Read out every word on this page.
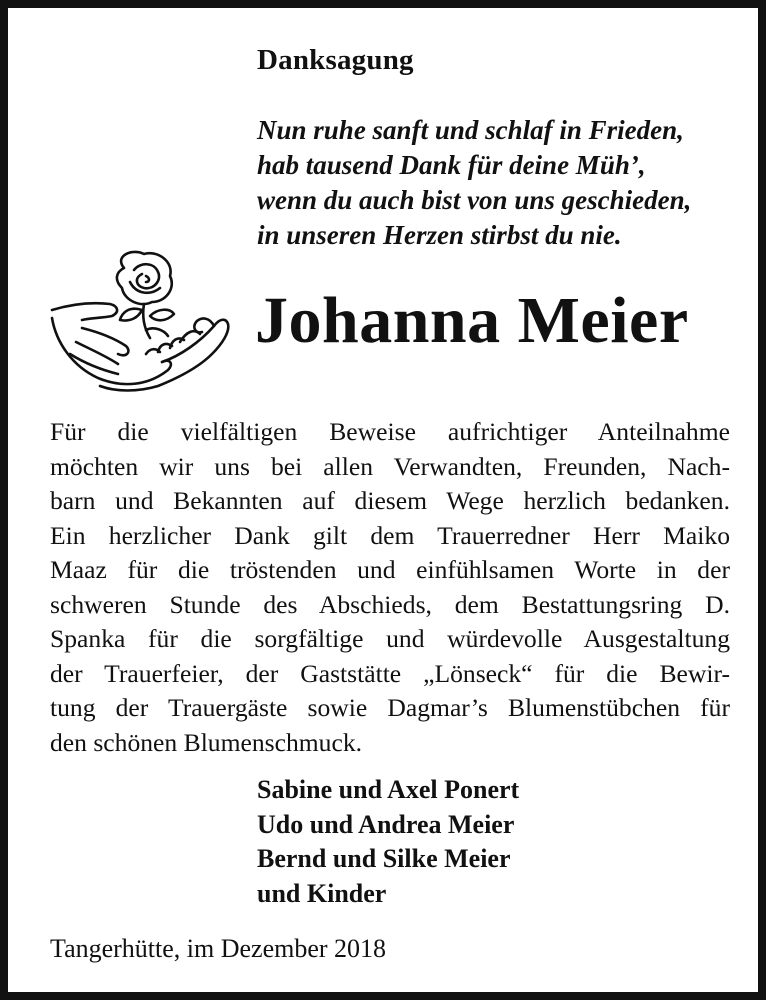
Danksagung
Nun ruhe sanft und schlaf in Frieden,
hab tausend Dank für deine Müh’,
wenn du auch bist von uns geschieden,
in unseren Herzen stirbst du nie.
Johanna Meier
Für die vielfältigen Beweise aufrichtiger Anteilnahme
möchten wir uns bei allen Verwandten, Freunden, Nach-
barn und Bekannten auf diesem Wege herzlich bedanken.
Ein herzlicher Dank gilt dem Trauerredner Herr Maiko
Maaz für die tröstenden und einfühlsamen Worte in der
schweren Stunde des Abschieds, dem Bestattungsring D.
Spanka für die sorgfältige und würdevolle Ausgestaltung
der Trauerfeier, der Gaststätte „Lönseck“ für die Bewir-
tung der Trauergäste sowie Dagmar’s Blumenstübchen für
den schönen Blumenschmuck.
Sabine und Axel Ponert
Udo und Andrea Meier
Bernd und Silke Meier
und Kinder
Tangerhütte, im Dezember 2018
